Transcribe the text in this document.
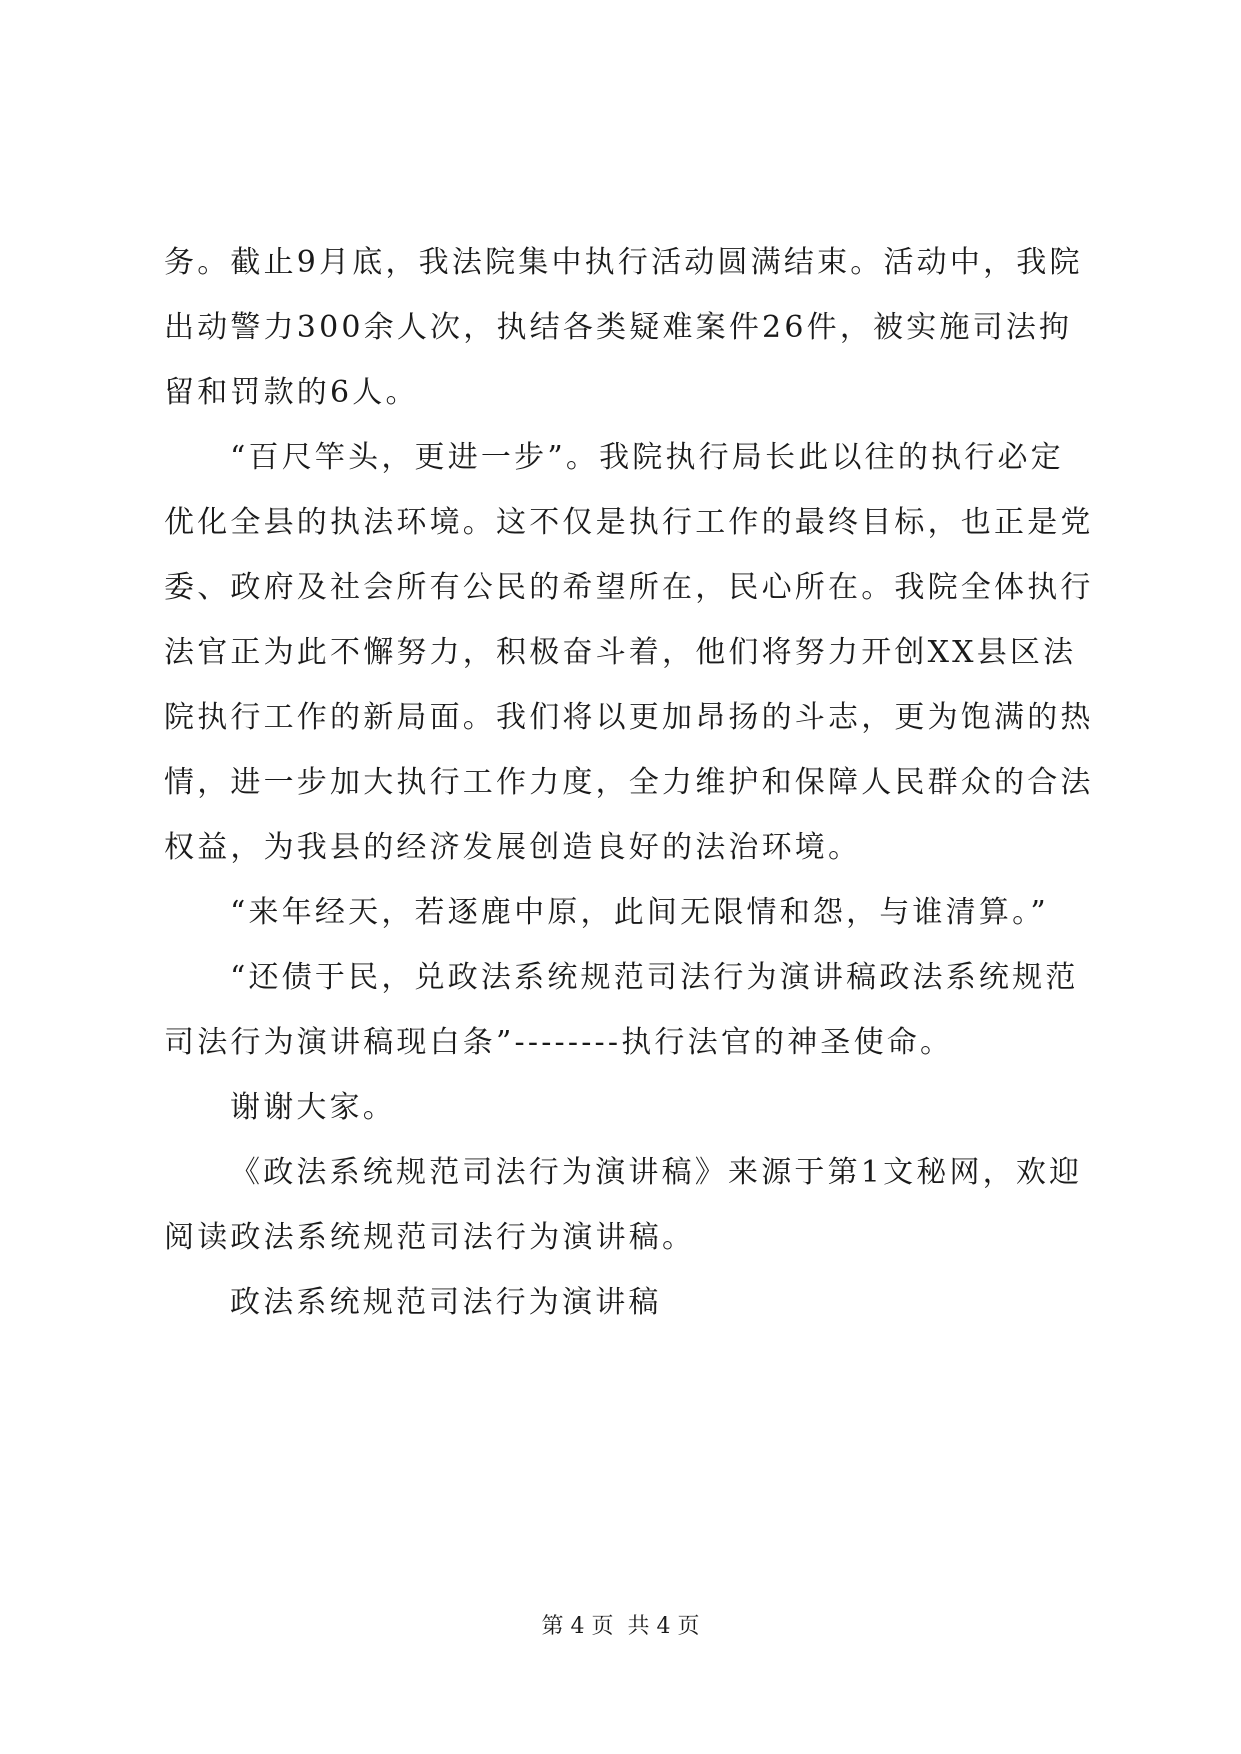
务。截止9月底，我法院集中执行活动圆满结束。活动中，我院
出动警力300余人次，执结各类疑难案件26件，被实施司法拘
留和罚款的6人。
“百尺竿头，更进一步”。我院执行局长此以往的执行必定
优化全县的执法环境。这不仅是执行工作的最终目标，也正是党
委、政府及社会所有公民的希望所在，民心所在。我院全体执行
法官正为此不懈努力，积极奋斗着，他们将努力开创XX县区法
院执行工作的新局面。我们将以更加昂扬的斗志，更为饱满的热
情，进一步加大执行工作力度，全力维护和保障人民群众的合法
权益，为我县的经济发展创造良好的法治环境。
“来年经天，若逐鹿中原，此间无限情和怨，与谁清算。”
“还债于民，兑政法系统规范司法行为演讲稿政法系统规范
司法行为演讲稿现白条”--------执行法官的神圣使命。
谢谢大家。
《政法系统规范司法行为演讲稿》来源于第1文秘网，欢迎
阅读政法系统规范司法行为演讲稿。
政法系统规范司法行为演讲稿
第 4 页  共 4 页
